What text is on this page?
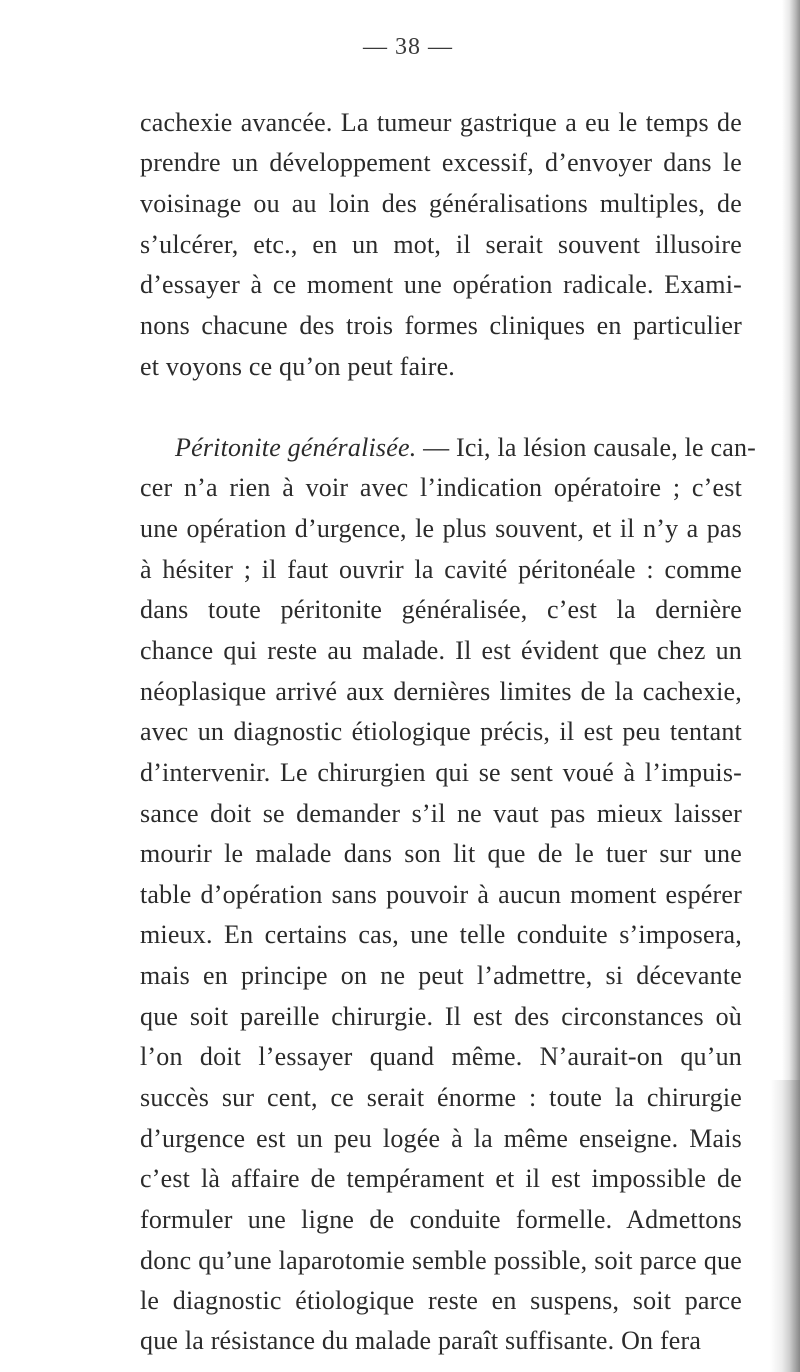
— 38 —
cachexie avancée. La tumeur gastrique a eu le temps de
prendre un développement excessif, d’envoyer dans le
voisinage ou au loin des généralisations multiples, de
s’ulcérer, etc., en un mot, il serait souvent illusoire
d’essayer à ce moment une opération radicale. Exami-
nons chacune des trois formes cliniques en particulier
et voyons ce qu’on peut faire.
Péritonite généralisée. — Ici, la lésion causale, le can-
cer n’a rien à voir avec l’indication opératoire ; c’est
une opération d’urgence, le plus souvent, et il n’y a pas
à hésiter ; il faut ouvrir la cavité péritonéale : comme
dans toute péritonite généralisée, c’est la dernière
chance qui reste au malade. Il est évident que chez un
néoplasique arrivé aux dernières limites de la cachexie,
avec un diagnostic étiologique précis, il est peu tentant
d’intervenir. Le chirurgien qui se sent voué à l’impuis-
sance doit se demander s’il ne vaut pas mieux laisser
mourir le malade dans son lit que de le tuer sur une
table d’opération sans pouvoir à aucun moment espérer
mieux. En certains cas, une telle conduite s’imposera,
mais en principe on ne peut l’admettre, si décevante
que soit pareille chirurgie. Il est des circonstances où
l’on doit l’essayer quand même. N’aurait-on qu’un
succès sur cent, ce serait énorme : toute la chirurgie
d’urgence est un peu logée à la même enseigne. Mais
c’est là affaire de tempérament et il est impossible de
formuler une ligne de conduite formelle. Admettons
donc qu’une laparotomie semble possible, soit parce que
le diagnostic étiologique reste en suspens, soit parce
que la résistance du malade paraît suffisante. On fera
